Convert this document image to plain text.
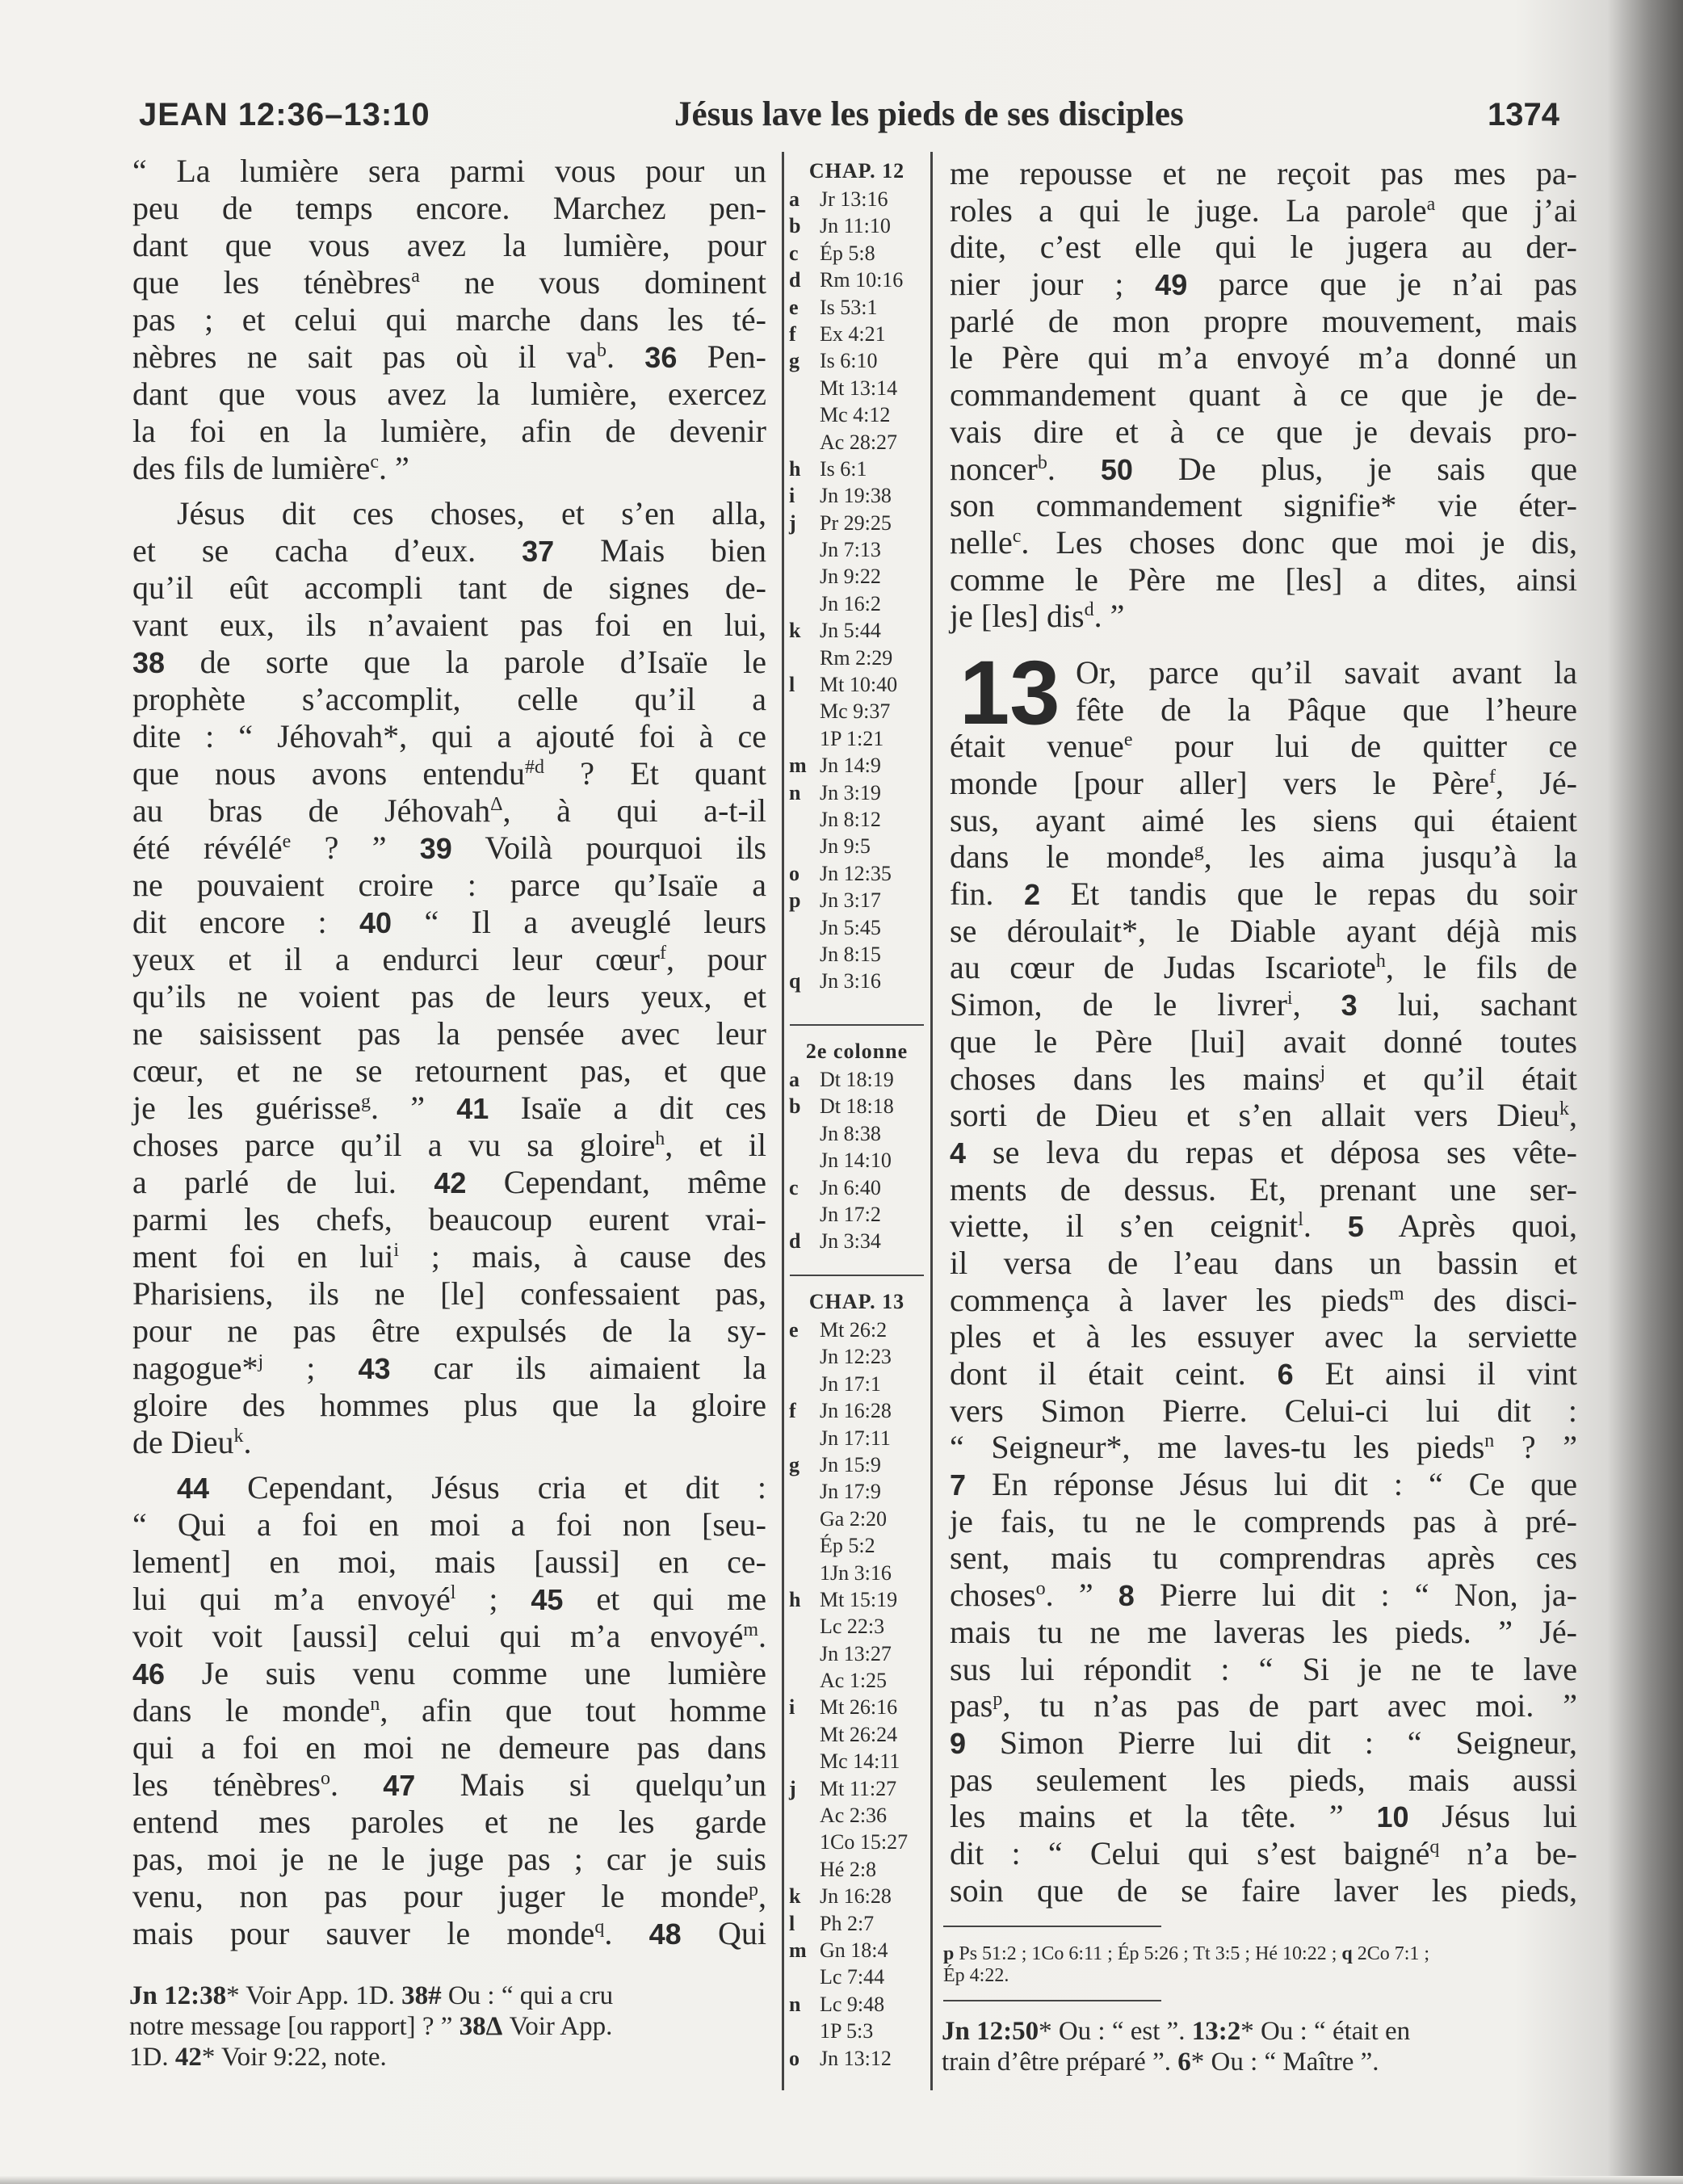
JEAN 12:36–13:10	Jésus lave les pieds de ses disciples	1374
“ La lumière sera parmi vous pour un
peu de temps encore. Marchez pen-
dant que vous avez la lumière, pour
que les ténèbres$^a$ ne vous dominent
pas ; et celui qui marche dans les té-
nèbres ne sait pas où il $va^b$. 36 Pen-
dant que vous avez la lumière, exercez
la foi en la lumière, afin de devenir
des fils de lumière$^c$. ”
Jésus dit ces choses, et s’en alla,
et se cacha d’eux. 37 Mais bien
qu’il eût accompli tant de signes de-
vant eux, ils n’avaient pas foi en lui,
38 de sorte que la parole d’Isaïe le
prophète s’accomplit, celle qu’il a
dite : “ Jéhovah*, qui a ajouté foi à ce
que nous avons entendu$^{\#d}$ ? Et quant
au bras de Jéhovah$^\Delta$, à qui a-t-il
été révélé$^e$ ? ” 39 Voilà pourquoi ils
ne pouvaient croire : parce qu’Isaïe a
dit encore : 40 “ Il a aveuglé leurs
yeux et il a endurci leur cœur$^f$, pour
qu’ils ne voient pas de leurs yeux, et
ne saisissent pas la pensée avec leur
cœur, et ne se retournent pas, et que
je les guérisse$^g$. ” 41 Isaïe a dit ces
choses parce qu’il a vu sa gloire$^h$, et il
a parlé de lui. 42 Cependant, même
parmi les chefs, beaucoup eurent vrai-
ment foi en lui$^i$ ; mais, à cause des
Pharisiens, ils ne [le] confessaient pas,
pour ne pas être expulsés de la sy-
nagogue*$^j$ ; 43 car ils aimaient la
gloire des hommes plus que la gloire
de Dieu$^k$.
44 Cependant, Jésus cria et dit :
“ Qui a foi en moi a foi non [seu-
lement] en moi, mais [aussi] en ce-
lui qui m’a envoyé$^l$ ; 45 et qui me
voit voit [aussi] celui qui m’a envoyé$^m$.
46 Je suis venu comme une lumière
dans le monde$^n$, afin que tout homme
qui a foi en moi ne demeure pas dans
les ténèbres$^o$. 47 Mais si quelqu’un
entend mes paroles et ne les garde
pas, moi je ne le juge pas ; car je suis
venu, non pas pour juger le monde$^p$,
mais pour sauver le monde$^q$. 48 Qui
CHAP. 12
a Jr 13:16
b Jn 11:10
c Ép 5:8
d Rm 10:16
e Is 53:1
f Ex 4:21
g Is 6:10
Mt 13:14
Mc 4:12
Ac 28:27
h Is 6:1
i Jn 19:38
j Pr 29:25
Jn 7:13
Jn 9:22
Jn 16:2
k Jn 5:44
Rm 2:29
l Mt 10:40
Mc 9:37
1P 1:21
m Jn 14:9
n Jn 3:19
Jn 8:12
Jn 9:5
o Jn 12:35
p Jn 3:17
Jn 5:45
Jn 8:15
q Jn 3:16
2e colonne
a Dt 18:19
b Dt 18:18
Jn 8:38
Jn 14:10
c Jn 6:40
Jn 17:2
d Jn 3:34
CHAP. 13
e Mt 26:2
Jn 12:23
Jn 17:1
f Jn 16:28
Jn 17:11
g Jn 15:9
Jn 17:9
Ga 2:20
Ép 5:2
1Jn 3:16
h Mt 15:19
Lc 22:3
Jn 13:27
Ac 1:25
i Mt 26:16
Mt 26:24
Mc 14:11
j Mt 11:27
Ac 2:36
1Co 15:27
Hé 2:8
k Jn 16:28
l Ph 2:7
m Gn 18:4
Lc 7:44
n Lc 9:48
1P 5:3
o Jn 13:12
me repousse et ne reçoit pas mes pa-
roles a qui le juge. La parole$^a$ que j’ai
dite, c’est elle qui le jugera au der-
nier jour ; 49 parce que je n’ai pas
parlé de mon propre mouvement, mais
le Père qui m’a envoyé m’a donné un
commandement quant à ce que je de-
vais dire et à ce que je devais pro-
noncer$^b$. 50 De plus, je sais que
son commandement signifie* vie éter-
nelle$^c$. Les choses donc que moi je dis,
comme le Père me [les] a dites, ainsi
je [les] dis$^d$. ”
13 Or, parce qu’il savait avant la
fête de la Pâque que l’heure
était venue$^e$ pour lui de quitter ce
monde [pour aller] vers le Père$^f$, Jé-
sus, ayant aimé les siens qui étaient
dans le monde$^g$, les aima jusqu’à la
fin. 2 Et tandis que le repas du soir
se déroulait*, le Diable ayant déjà mis
au cœur de Judas Iscariote$^h$, le fils de
Simon, de le livrer$^i$, 3 lui, sachant
que le Père [lui] avait donné toutes
choses dans les mains$^j$ et qu’il était
sorti de Dieu et s’en allait vers Dieu$^k$,
4 se leva du repas et déposa ses vête-
ments de dessus. Et, prenant une ser-
viette, il s’en ceignit$^l$. 5 Après quoi,
il versa de l’eau dans un bassin et
commença à laver les pieds$^m$ des disci-
ples et à les essuyer avec la serviette
dont il était ceint. 6 Et ainsi il vint
vers Simon Pierre. Celui-ci lui dit :
“ Seigneur*, me laves-tu les pieds$^n$ ? ”
7 En réponse Jésus lui dit : “ Ce que
je fais, tu ne le comprends pas à pré-
sent, mais tu comprendras après ces
choses$^o$. ” 8 Pierre lui dit : “ Non, ja-
mais tu ne me laveras les pieds. ” Jé-
sus lui répondit : “ Si je ne te lave
pas$^p$, tu n’as pas de part avec moi. ”
9 Simon Pierre lui dit : “ Seigneur,
pas seulement les pieds, mais aussi
les mains et la tête. ” 10 Jésus lui
dit : “ Celui qui s’est baigné$^q$ n’a be-
soin que de se faire laver les pieds,
Jn 12:38* Voir App. 1D. 38# Ou : “ qui a cru
notre message [ou rapport] ? ” 38Δ Voir App.
1D. 42* Voir 9:22, note.
p Ps 51:2 ; 1Co 6:11 ; Ép 5:26 ; Tt 3:5 ; Hé 10:22 ; q 2Co 7:1 ;
Ép 4:22.
Jn 12:50* Ou : “ est ”. 13:2* Ou : “ était en
train d’être préparé ”. 6* Ou : “ Maître ”.
